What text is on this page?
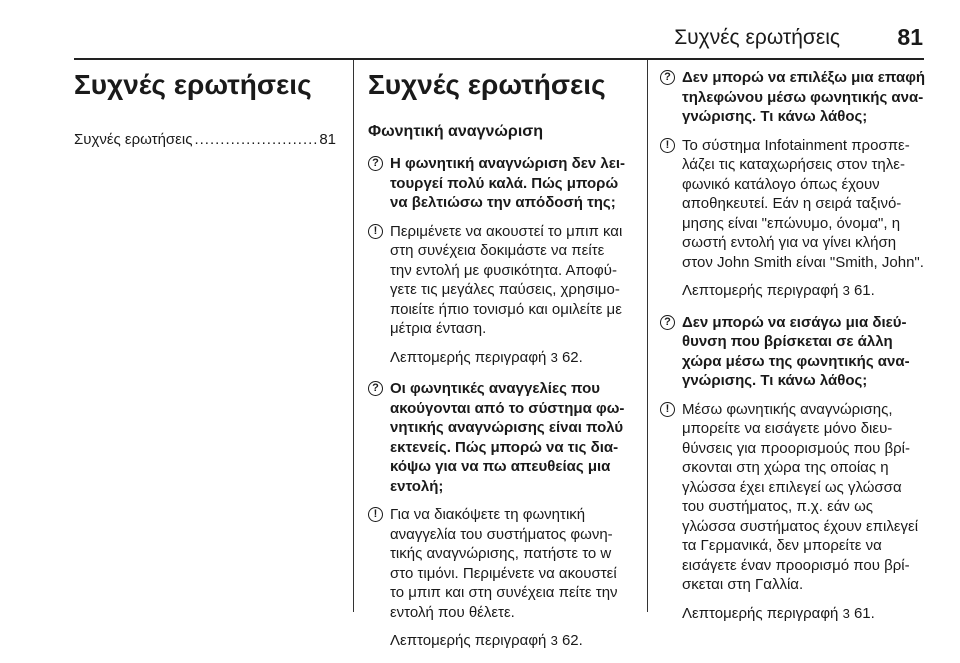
Συχνές ερωτήσεις 81
Συχνές ερωτήσεις
Συχνές ερωτήσεις ........................ 81
Συχνές ερωτήσεις
Φωνητική αναγνώριση
? Η φωνητική αναγνώριση δεν λειτουργεί πολύ καλά. Πώς μπορώ να βελτιώσω την απόδοσή της;
! Περιμένετε να ακουστεί το μπιπ και στη συνέχεια δοκιμάστε να πείτε την εντολή με φυσικότητα. Αποφύγετε τις μεγάλες παύσεις, χρησιμοποιείτε ήπιο τονισμό και ομιλείτε με μέτρια ένταση.
Λεπτομερής περιγραφή 3 62.
? Οι φωνητικές αναγγελίες που ακούγονται από το σύστημα φωνητικής αναγνώρισης είναι πολύ εκτενείς. Πώς μπορώ να τις διακόψω για να πω απευθείας μια εντολή;
! Για να διακόψετε τη φωνητική αναγγελία του συστήματος φωνητικής αναγνώρισης, πατήστε το w στο τιμόνι. Περιμένετε να ακουστεί το μπιπ και στη συνέχεια πείτε την εντολή που θέλετε.
Λεπτομερής περιγραφή 3 62.
? Δεν μπορώ να επιλέξω μια επαφή τηλεφώνου μέσω φωνητικής αναγνώρισης. Τι κάνω λάθος;
! Το σύστημα Infotainment προσπελάζει τις καταχωρήσεις στον τηλεφωνικό κατάλογο όπως έχουν αποθηκευτεί. Εάν η σειρά ταξινόμησης είναι "επώνυμο, όνομα", η σωστή εντολή για να γίνει κλήση στον John Smith είναι "Smith, John".
Λεπτομερής περιγραφή 3 61.
? Δεν μπορώ να εισάγω μια διεύθυνση που βρίσκεται σε άλλη χώρα μέσω της φωνητικής αναγνώρισης. Τι κάνω λάθος;
! Μέσω φωνητικής αναγνώρισης, μπορείτε να εισάγετε μόνο διευθύνσεις για προορισμούς που βρίσκονται στη χώρα της οποίας η γλώσσα έχει επιλεγεί ως γλώσσα του συστήματος, π.χ. εάν ως γλώσσα συστήματος έχουν επιλεγεί τα Γερμανικά, δεν μπορείτε να εισάγετε έναν προορισμό που βρίσκεται στη Γαλλία.
Λεπτομερής περιγραφή 3 61.
